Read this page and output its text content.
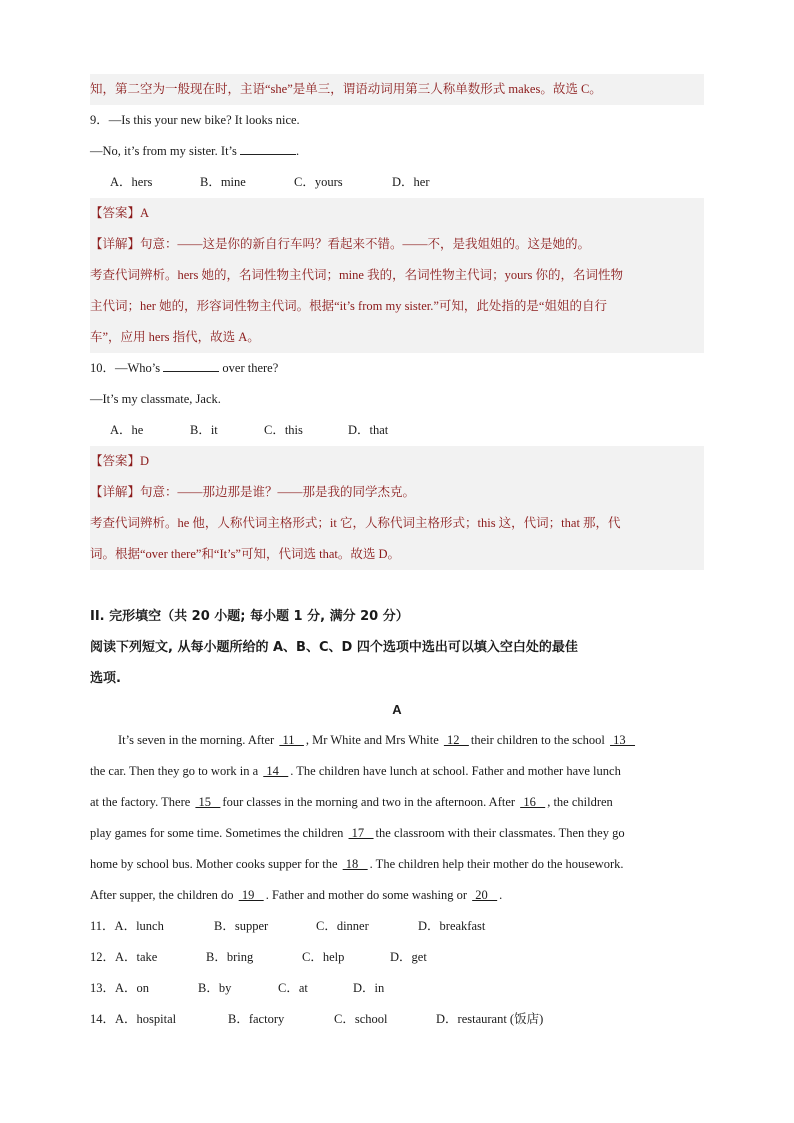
知，第二空为一般现在时，主语“she”是单三，谓语动词用第三人称单数形式 makes。故选 C。
9．—Is this your new bike? It looks nice.
—No, it’s from my sister. It’s	.
A．hers	B．mine	C．yours	D．her
【答案】A
【详解】句意：——这是你的新自行车吗？看起来不错。——不，是我姐姐的。这是她的。
考查代词辨析。hers 她的，名词性物主代词；mine 我的，名词性物主代词；yours 你的，名词性物
主代词；her 她的，形容词性物主代词。根据“it’s from my sister.”可知，此处指的是“姐姐的自行
车”，应用 hers 指代，故选 A。
10．—Who’s	over there?
—It’s my classmate, Jack.
A．he	B．it	C．this	D．that
【答案】D
【详解】句意：——那边那是谁？——那是我的同学杰克。
考查代词辨析。he 他，人称代词主格形式；it 它，人称代词主格形式；this 这，代词；that 那，代
词。根据“over there”和“It’s”可知，代词选 that。故选 D。
II. 完形填空（共 20 小题; 每小题 1 分, 满分 20 分）
阅读下列短文, 从每小题所给的 A、B、C、D 四个选项中选出可以填入空白处的最佳
选项.
A
It’s seven in the morning. After  11   , Mr White and Mrs White  12   their children to the school  13
the car. Then they go to work in a  14   . The children have lunch at school. Father and mother have lunch
at the factory. There  15   four classes in the morning and two in the afternoon. After  16   , the children
play games for some time. Sometimes the children  17   the classroom with their classmates. Then they go
home by school bus. Mother cooks supper for the  18   . The children help their mother do the housework.
After supper, the children do  19   . Father and mother do some washing or  20   .
11．A．lunch	B．supper	C．dinner	D．breakfast
12．A．take	B．bring	C．help	D．get
13．A．on	B．by	C．at	D．in
14．A．hospital	B．factory	C．school	D．restaurant (饭店)
